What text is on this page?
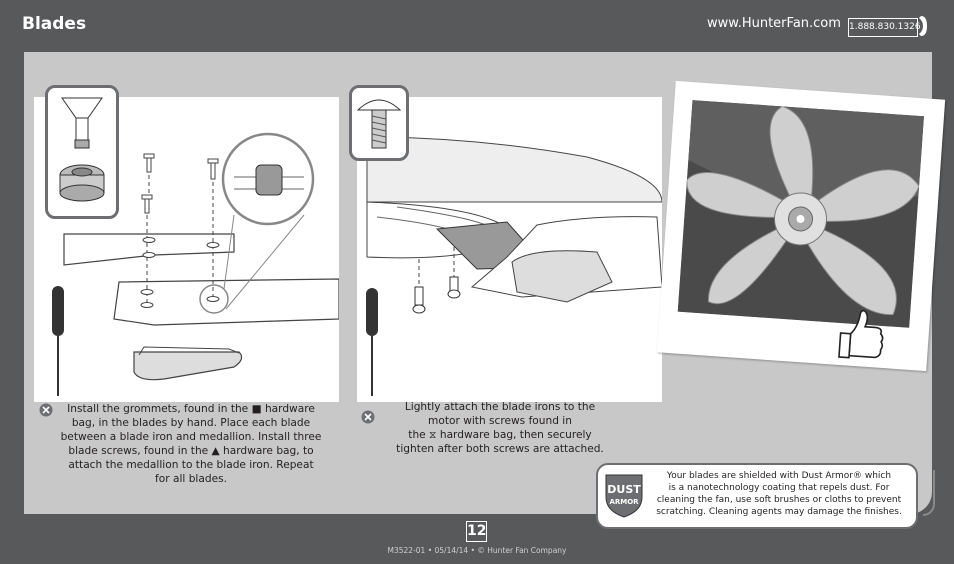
Blades	www.HunterFan.com 1.888.830.1326
Install the grommets, found in the ■ hardware
bag, in the blades by hand. Place each blade
between a blade iron and medallion. Install three
blade screws, found in the ▲ hardware bag, to
attach the medallion to the blade iron. Repeat
for all blades.
Lightly attach the blade irons to the
motor with screws found in
the ⧖ hardware bag, then securely
tighten after both screws are attached.
DUST
ARMOR
Your blades are shielded with Dust Armor® which
is a nanotechnology coating that repels dust. For
cleaning the fan, use soft brushes or cloths to prevent
scratching. Cleaning agents may damage the finishes.
12
M3522-01 • 05/14/14 • © Hunter Fan Company
